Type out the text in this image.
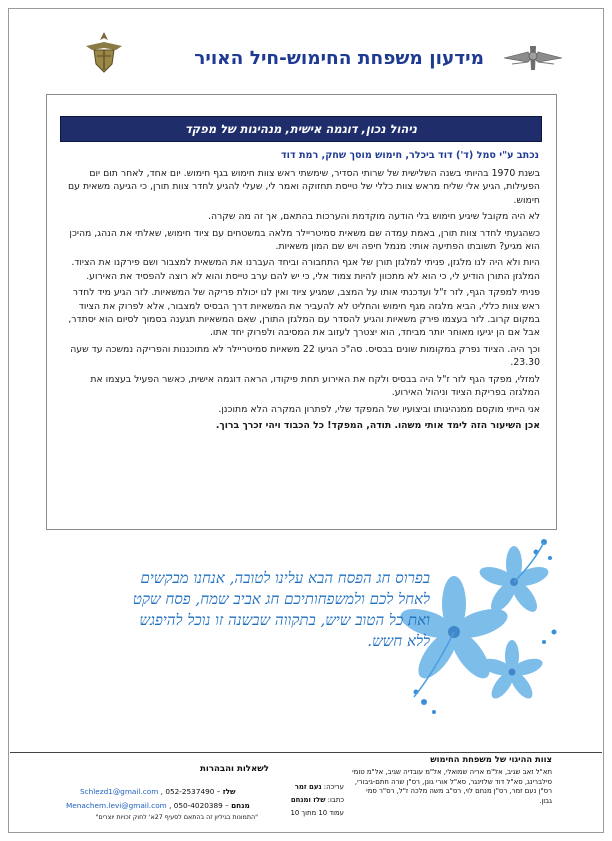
מידעון משפחת החימוש-חיל האויר
ניהול נכון, דוגמה אישית, מנהיגות של מפקד
נכתב ע"י סמל (ד') דוד ביכלר, חימוש מוסך שחק, רמת דוד

בשנת 1970 בהיותי בשנה השלישית של שרותי הסדיר, שימשתי ראש צוות חימוש בגף חימוש. יום אחד, לאחר תום יום הפעילות, הגיע אלי שליח מראש צוות כללי של טייסת תחזוקה ואמר לי, שעלי להגיע לחדר צוות תורן, כי הגיעה משאית עם חימוש.

לא היה מקובל שיגיע חימוש בלי הודעה מוקדמת והערכות בהתאם, אך זה מה שקרה.

כשהגעתי לחדר צוות תורן, באמת עמדה שם משאית סמיטריילר מלאה במשטחים עם ציוד חימוש, שאלתי את הנהג, מהיכן הוא מגיע? תשובתו הפתיעה אותי: מנמל חיפה ויש שם המון משאיות.

היות ולא היה לנו מלגזן, פניתי למלגזן תורן של אגף התחבורה וביחד העברנו את המשאית למצבור ושם פירקנו את הציוד. המלגזן התורן הודיע לי, כי הוא לא מתכוון להיות צמוד אלי, כי יש להם ערב טייסת והוא לא רוצה להפסיד את האירוע.

פניתי למפקד הגף, לזר ז"ל ועדכנתי אותו על המצב, שמגיע ציוד ואין לנו יכולת פריקה של המשאיות. לזר הגיע מיד לחדר ראש צוות כללי, הביא מלגזה מגף חימוש והחליט לא להעביר את המשאיות דרך הבסיס למצבור, אלא לפרוק את הציוד במקום קרוב. לזר בעצמו פירק משאיות והגיע להסדר עם המלגזן התורן, שאם המשאיות תגענה בסמוך לסיום הוא יסתדר, אבל אם הן יגיעו מאוחר יותר מביחד, הוא יצטרך לעזוב את המסיבה ולפרוק יחד אתו.

וכך היה. הציוד נפרק במקומות שונים בבסיס. סה"כ הגיעו 22 משאיות סמיטריילר לא מתוכננות והפריקה נמשכה עד שעה 23.30.

למזלי, מפקד הגף לזר ז"ל היה בבסיס ולקח את האירוע תחת פיקודו, הראה דוגמה אישית, כאשר הפעיל בעצמו את המלגזה בפריקת הציוד וניהול האירוע.

אני הייתי מוקסם ממנהיגותו וביצועיו של המפקד שלי, לפתרון המקרה הלא מתוכנן.

אכן השיעור הזה לימד אותי משהו. תודה, המפקד! כל הכבוד ויהי זכרך ברוך.

בפרוס חג הפסח הבא עלינו לטובה, אנחנו מבקשים
לאחל לכם ולמשפחותיכם חג אביב שמח, פסח שקט
ואת כל הטוב שיש, בתקווה שבשנה זו נוכל להיפגש
ללא חשש.
צוות ההיגוי של משפחת החימוש
תא"ל זאב שגיב, אל"מ אריה שמואלי, אל"מ עובדיה שגיב, אל"מ טומי סילברינג, סא"ל דוד שלזינגר, סא"ל אורי גונן, רס"ן שרה חתם-גיבורי, רס"ן נעם זמר, רס"ן מנחם לוי, רס"ב משה מלכה ז"ל, רס"ר סמי גבון.
עריכה: נעם זמר
כתבו: שלז ומנחם
עמוד 10 מתוך 10
לשאלות והבהרות
שלז – 052-2537490 , Schlezd1@gmail.com
מנחם – 050-4020389 , Menachem.levi@gmail.com
"התמונות בגיליון זה בהתאם לסעיף 27א' לחוק זכויות יוצרים"
